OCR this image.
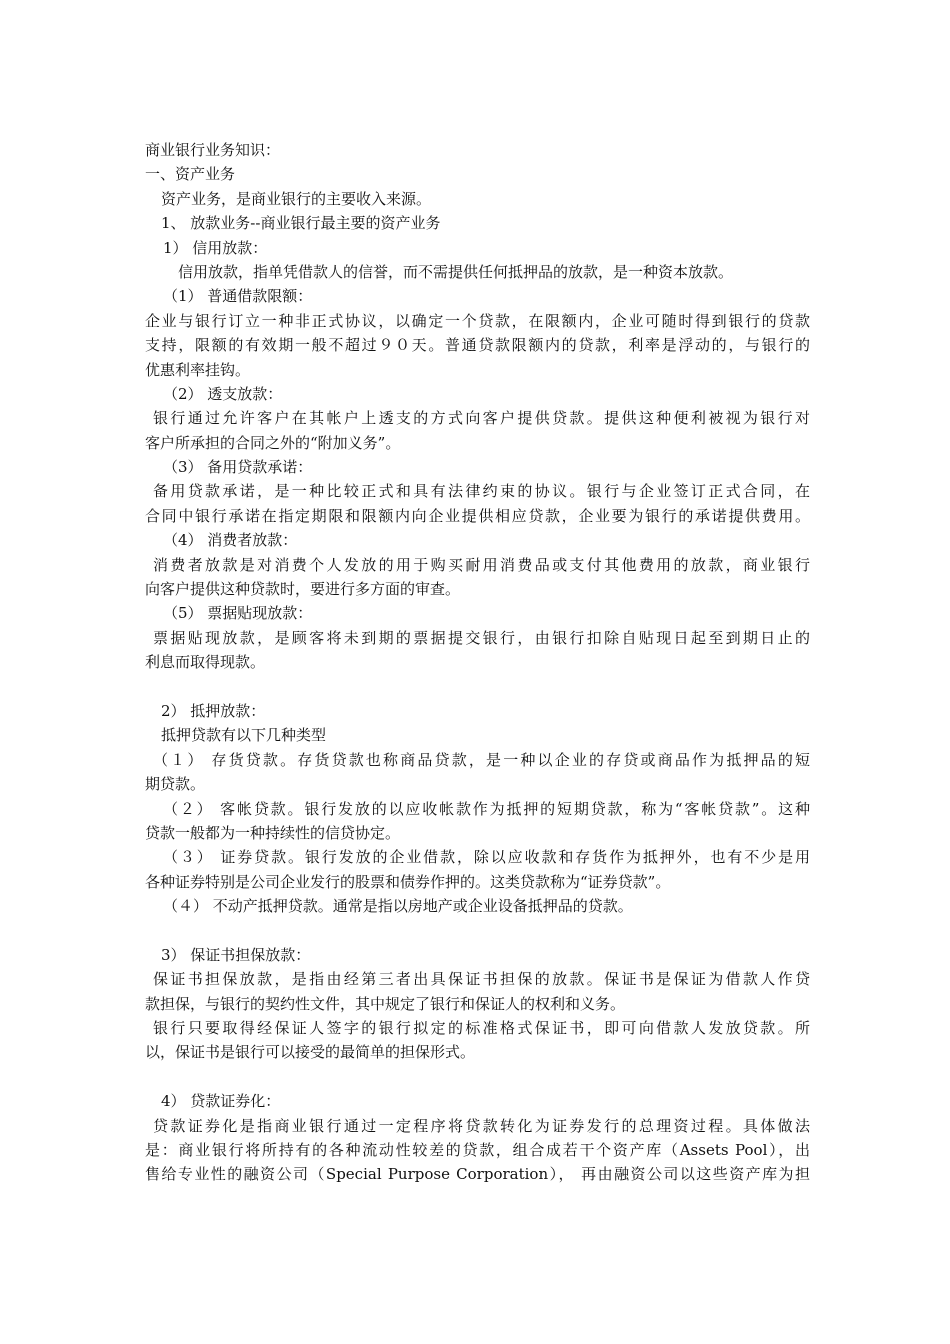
商业银行业务知识：
一、资产业务
资产业务，是商业银行的主要收入来源。
1、 放款业务--商业银行最主要的资产业务
1） 信用放款：
信用放款，指单凭借款人的信誉，而不需提供任何抵押品的放款，是一种资本放款。
（1） 普通借款限额：
企业与银行订立一种非正式协议，以确定一个贷款，在限额内，企业可随时得到银行的贷款
支持，限额的有效期一般不超过９０天。普通贷款限额内的贷款，利率是浮动的，与银行的
优惠利率挂钩。
（2） 透支放款：
银行通过允许客户在其帐户上透支的方式向客户提供贷款。提供这种便利被视为银行对
客户所承担的合同之外的“附加义务”。
（3） 备用贷款承诺：
备用贷款承诺，是一种比较正式和具有法律约束的协议。银行与企业签订正式合同，在
合同中银行承诺在指定期限和限额内向企业提供相应贷款，企业要为银行的承诺提供费用。
（4） 消费者放款：
消费者放款是对消费个人发放的用于购买耐用消费品或支付其他费用的放款，商业银行
向客户提供这种贷款时，要进行多方面的审查。
（5） 票据贴现放款：
票据贴现放款，是顾客将未到期的票据提交银行，由银行扣除自贴现日起至到期日止的
利息而取得现款。
2） 抵押放款：
抵押贷款有以下几种类型
（１） 存货贷款。存货贷款也称商品贷款，是一种以企业的存贷或商品作为抵押品的短
期贷款。
（２） 客帐贷款。银行发放的以应收帐款作为抵押的短期贷款，称为“客帐贷款”。这种
贷款一般都为一种持续性的信贷协定。
（３） 证券贷款。银行发放的企业借款，除以应收款和存货作为抵押外，也有不少是用
各种证券特别是公司企业发行的股票和债券作押的。这类贷款称为“证券贷款”。
（４） 不动产抵押贷款。通常是指以房地产或企业设备抵押品的贷款。
3） 保证书担保放款：
保证书担保放款，是指由经第三者出具保证书担保的放款。保证书是保证为借款人作贷
款担保，与银行的契约性文件，其中规定了银行和保证人的权利和义务。
银行只要取得经保证人签字的银行拟定的标准格式保证书，即可向借款人发放贷款。所
以，保证书是银行可以接受的最简单的担保形式。
4） 贷款证券化：
贷款证券化是指商业银行通过一定程序将贷款转化为证券发行的总理资过程。具体做法
是：商业银行将所持有的各种流动性较差的贷款，组合成若干个资产库（Assets Pool），出
售给专业性的融资公司（Special Purpose Corporation）， 再由融资公司以这些资产库为担
